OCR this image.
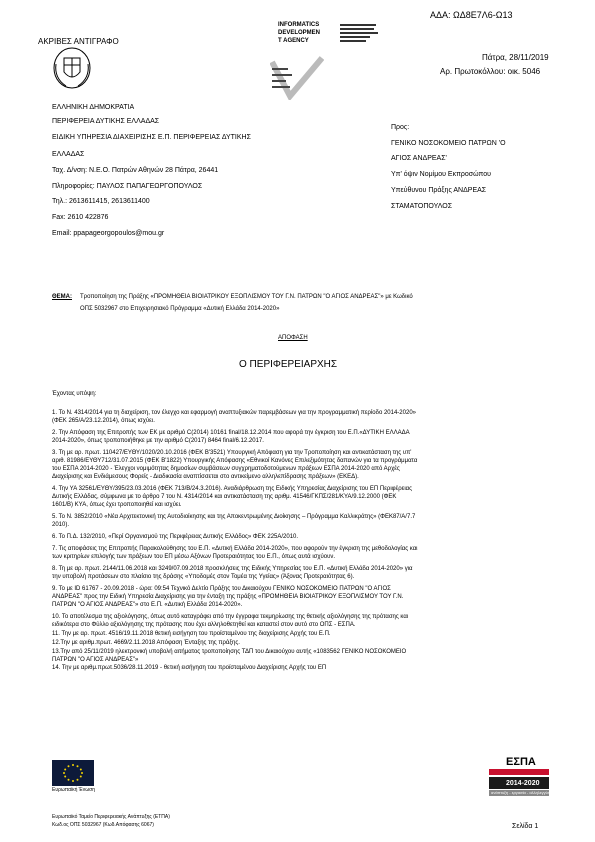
ΑΔΑ: ΩΔ8Ε7Λ6-Ω13
ΑΚΡΙΒΕΣ ΑΝΤΙΓΡΑΦΟ
INFORMATICS
DEVELOPMEN
T AGENCY
Πάτρα, 28/11/2019
Αρ. Πρωτοκόλλου: οικ. 5046
ΕΛΛΗΝΙΚΗ ΔΗΜΟΚΡΑΤΙΑ
ΠΕΡΙΦΕΡΕΙΑ ΔΥΤΙΚΗΣ ΕΛΛΑΔΑΣ
ΕΙΔΙΚΗ ΥΠΗΡΕΣΙΑ ΔΙΑΧΕΙΡΙΣΗΣ Ε.Π. ΠΕΡΙΦΕΡΕΙΑΣ ΔΥΤΙΚΗΣ
ΕΛΛΑΔΑΣ
Ταχ. Δ/νση: Ν.Ε.Ο. Πατρών Αθηνών 28 Πάτρα, 26441
Πληροφορίες: ΠΑΥΛΟΣ ΠΑΠΑΓΕΩΡΓΟΠΟΥΛΟΣ
Τηλ.: 2613611415, 2613611400
Fax: 2610 422876
Email: ppapageorgopoulos@mou.gr
Προς:
ΓΕΝΙΚΟ ΝΟΣΟΚΟΜΕΙΟ ΠΑΤΡΩΝ 'Ο
ΑΓΙΟΣ ΑΝΔΡΕΑΣ'
Υπ' όψιν Νομίμου Εκπροσώπου
Υπεύθυνου Πράξης ΑΝΔΡΕΑΣ
ΣΤΑΜΑΤΟΠΟΥΛΟΣ
ΘΕΜΑ: Τροποποίηση της Πράξης «ΠΡΟΜΗΘΕΙΑ ΒΙΟΙΑΤΡΙΚΟΥ ΕΞΟΠΛΙΣΜΟΥ ΤΟΥ Γ.Ν. ΠΑΤΡΩΝ "Ο ΑΓΙΟΣ ΑΝΔΡΕΑΣ"» με Κωδικό
ΟΠΣ 5032967 στο Επιχειρησιακό Πρόγραμμα «Δυτική Ελλάδα 2014-2020»
ΑΠΟΦΑΣΗ
Ο ΠΕΡΙΦΕΡΕΙΑΡΧΗΣ
Έχοντας υπόψη:
1. Το Ν. 4314/2014 για τη διαχείριση, τον έλεγχο και εφαρμογή αναπτυξιακών παρεμβάσεων για την προγραμματική περίοδο 2014-2020»
(ΦΕΚ 265/Α/23.12.2014), όπως ισχύει.
2. Την Απόφαση της Επιτροπής των ΕΚ με αριθμό C(2014) 10161 final/18.12.2014 που αφορά την έγκριση του Ε.Π.«ΔΥΤΙΚΗ ΕΛΛΑΔΑ
2014-2020», όπως τροποποιήθηκε με την αριθμό C(2017) 8464 final/6.12.2017.
3. Τη με αρ. πρωτ. 110427/ΕΥΘΥ/1020/20.10.2016 (ΦΕΚ Β'3521) Υπουργική Απόφαση για την Τροποποίηση και αντικατάσταση της υπ'
αριθ. 81986/ΕΥΘΥ712/31.07.2015 (ΦΕΚ Β'1822) Υπουργικής Απόφασης «Εθνικοί Κανόνες Επιλεξιμότητας δαπανών για τα προγράμματα
του ΕΣΠΑ 2014-2020 - Έλεγχοι νομιμότητας δημοσίων συμβάσεων συγχρηματοδοτούμενων πράξεων ΕΣΠΑ 2014-2020 από Αρχές
Διαχείρισης και Ενδιάμεσους Φορείς - Διαδικασία αναπτίσσεται στο αντικείμενο αλληλεπίδρασης πράξεων» (ΕΚΕΔ).
4. Την ΥΑ 32561/ΕΥΘΥ/395/23.03.2016 (ΦΕΚ 713/Β/24.3.2016). Αναδιάρθρωση της Ειδικής Υπηρεσίας Διαχείρισης του ΕΠ Περιφέρειας
Δυτικής Ελλάδας, σύμφωνα με το άρθρο 7 του Ν. 4314/2014 και αντικατάσταση της αριθμ. 41546/ΓΚΠΣ/281/ΚΥΑ/9.12.2000 (ΦΕΚ
1601/Β) ΚΥΑ, όπως έχει τροποποιηθεί και ισχύει.
5. Το Ν. 3852/2010 «Νέα Αρχιτεκτονική της Αυτοδιοίκησης και της Αποκεντρωμένης Διοίκησης – Πρόγραμμα Καλλικράτης» (ΦΕΚ87/Α/7.7
2010).
6. Το Π.Δ. 132/2010, «Περί Οργανισμού της Περιφέρειας Δυτικής Ελλάδος» ΦΕΚ 225Α/2010.
7. Τις αποφάσεις της Επιτροπής Παρακολούθησης του Ε.Π. «Δυτική Ελλάδα 2014-2020», που αφορούν την έγκριση της μεθοδολογίας και
των κριτηρίων επιλογής των πράξεων του ΕΠ μέσω Αξόνων Προτεραιότητας του Ε.Π., όπως αυτά ισχύουν.
8. Τη με αρ. πρωτ. 2144/11.06.2018 και 3249/07.09.2018 προσκλήσεις της Ειδικής Υπηρεσίας του Ε.Π. «Δυτική Ελλάδα 2014-2020» για
την υποβολή προτάσεων στο πλαίσιο της δράσης «Υποδομές στον Τομέα της Υγείας» (Άξονας Προτεραιότητας 6).
9. Το με ID 61767 - 20.09.2018 - ώρα: 09:54 Τεχνικό Δελτίο Πράξης του Δικαιούχου ΓΕΝΙΚΟ ΝΟΣΟΚΟΜΕΙΟ ΠΑΤΡΩΝ "Ο ΑΓΙΟΣ
ΑΝΔΡΕΑΣ" προς την Ειδική Υπηρεσία Διαχείρισης για την ένταξη της πράξης «ΠΡΟΜΗΘΕΙΑ ΒΙΟΙΑΤΡΙΚΟΥ ΕΞΟΠΛΙΣΜΟΥ ΤΟΥ Γ.Ν.
ΠΑΤΡΩΝ "Ο ΑΓΙΟΣ ΑΝΔΡΕΑΣ"» στο Ε.Π. «Δυτική Ελλάδα 2014-2020».
10. Το αποτέλεσμα της αξιολόγησης, όπως αυτό καταγράφει από την έγγραφα τεκμηρίωσης της θετικής αξιολόγησης της πρότασης και
ειδικότερα στο Φύλλο αξιολόγησης της πρότασης που έχει αλληλοθετηθεί και καταστεί στον αυτό στο ΟΠΣ - ΕΣΠΑ.
11. Την με αρ. πρωτ. 4516/19.11.2018 θετική εισήγηση του προϊσταμένου της διαχείρισης Αρχής του Ε.Π.
12.Την με αριθμ.πρωτ. 4669/2.11.2018 Απόφαση Ένταξης της πράξης.
13.Την από 25/11/2019 ηλεκτρονική υποβολή αιτήματος τροποποίησης ΤΔΠ του Δικαιούχου αυτής «1083562 ΓΕΝΙΚΟ ΝΟΣΟΚΟΜΕΙΟ
ΠΑΤΡΩΝ "Ο ΑΓΙΟΣ ΑΝΔΡΕΑΣ"»
14. Την με αριθμ.πρωτ.5036/28.11.2019 - θετική εισήγηση του προϊσταμένου Διαχείρισης Αρχής του ΕΠ
Ευρωπαϊκή Ένωση
ΕΣΠΑ
2014-2020
ανάπτυξη - εργασία - αλληλεγγύη
Ευρωπαϊκό Ταμείο Περιφερειακής Ανάπτυξης (ΕΤΠΑ)
Κωδ.ος ΟΠΣ 5032967 (Κωδ.Απόφασης 6067)	Σελίδα 1
